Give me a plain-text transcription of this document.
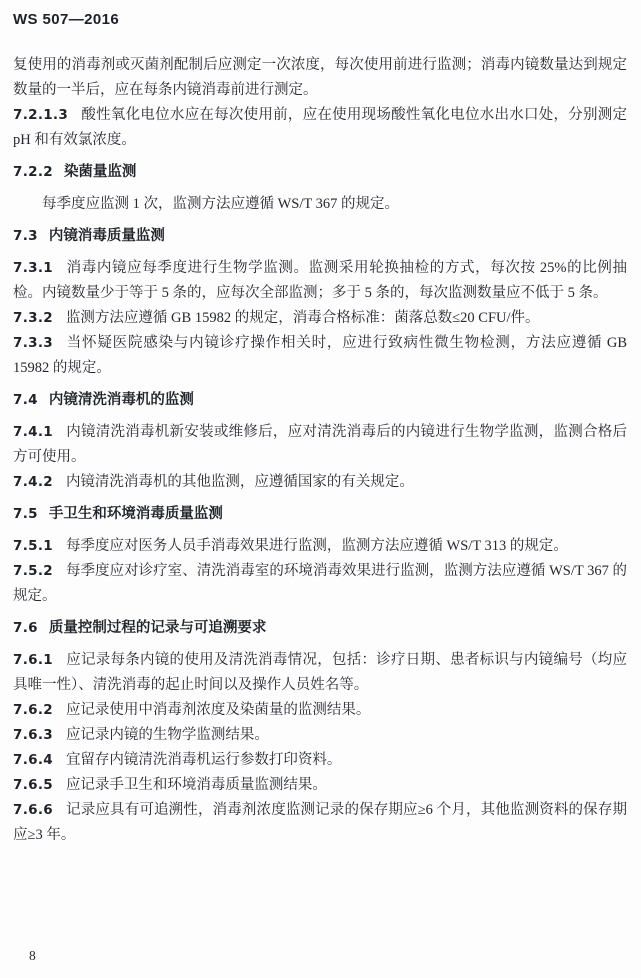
WS 507—2016
复使用的消毒剂或灭菌剂配制后应测定一次浓度，每次使用前进行监测；消毒内镜数量达到规定数量的一半后，应在每条内镜消毒前进行测定。
7.2.1.3 酸性氧化电位水应在每次使用前，应在使用现场酸性氧化电位水出水口处，分别测定 pH 和有效氯浓度。
7.2.2 染菌量监测
每季度应监测 1 次，监测方法应遵循 WS/T 367 的规定。
7.3 内镜消毒质量监测
7.3.1 消毒内镜应每季度进行生物学监测。监测采用轮换抽检的方式，每次按 25%的比例抽检。内镜数量少于等于 5 条的，应每次全部监测；多于 5 条的，每次监测数量应不低于 5 条。
7.3.2 监测方法应遵循 GB 15982 的规定，消毒合格标准：菌落总数≤20 CFU/件。
7.3.3 当怀疑医院感染与内镜诊疗操作相关时，应进行致病性微生物检测，方法应遵循 GB 15982 的规定。
7.4 内镜清洗消毒机的监测
7.4.1 内镜清洗消毒机新安装或维修后，应对清洗消毒后的内镜进行生物学监测，监测合格后方可使用。
7.4.2 内镜清洗消毒机的其他监测，应遵循国家的有关规定。
7.5 手卫生和环境消毒质量监测
7.5.1 每季度应对医务人员手消毒效果进行监测，监测方法应遵循 WS/T 313 的规定。
7.5.2 每季度应对诊疗室、清洗消毒室的环境消毒效果进行监测，监测方法应遵循 WS/T 367 的规定。
7.6 质量控制过程的记录与可追溯要求
7.6.1 应记录每条内镜的使用及清洗消毒情况，包括：诊疗日期、患者标识与内镜编号（均应具唯一性）、清洗消毒的起止时间以及操作人员姓名等。
7.6.2 应记录使用中消毒剂浓度及染菌量的监测结果。
7.6.3 应记录内镜的生物学监测结果。
7.6.4 宜留存内镜清洗消毒机运行参数打印资料。
7.6.5 应记录手卫生和环境消毒质量监测结果。
7.6.6 记录应具有可追溯性，消毒剂浓度监测记录的保存期应≥6 个月，其他监测资料的保存期应≥3 年。
8
